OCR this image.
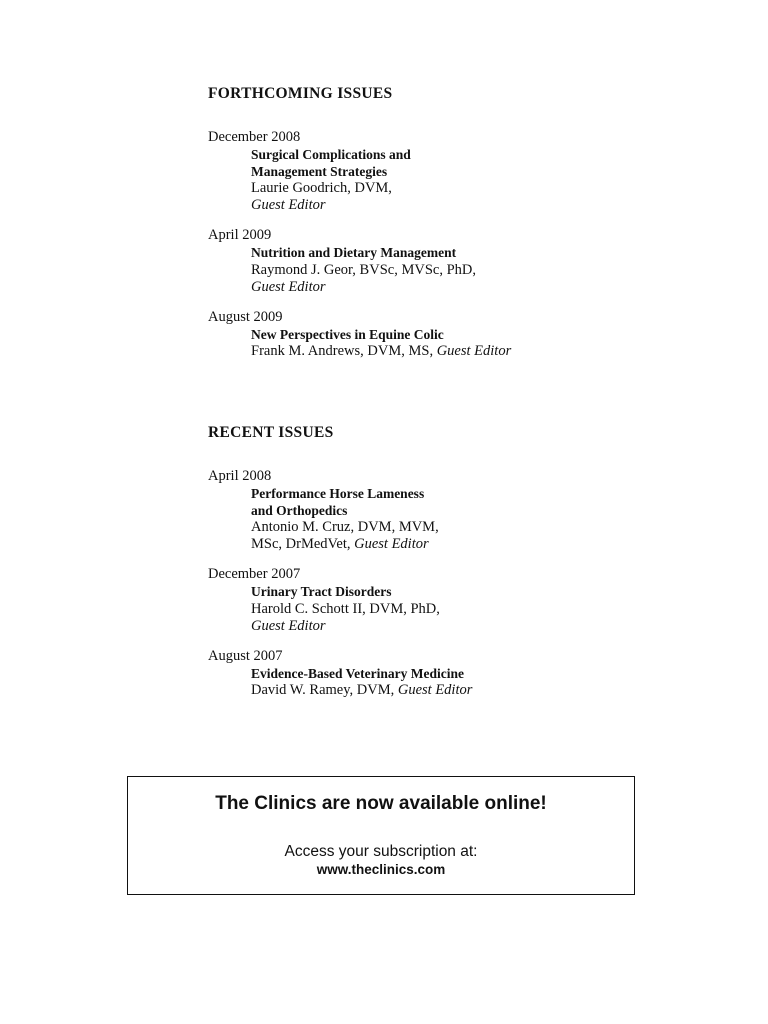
FORTHCOMING ISSUES
December 2008
Surgical Complications and
Management Strategies
Laurie Goodrich, DVM,
Guest Editor
April 2009
Nutrition and Dietary Management
Raymond J. Geor, BVSc, MVSc, PhD,
Guest Editor
August 2009
New Perspectives in Equine Colic
Frank M. Andrews, DVM, MS, Guest Editor
RECENT ISSUES
April 2008
Performance Horse Lameness
and Orthopedics
Antonio M. Cruz, DVM, MVM,
MSc, DrMedVet, Guest Editor
December 2007
Urinary Tract Disorders
Harold C. Schott II, DVM, PhD,
Guest Editor
August 2007
Evidence-Based Veterinary Medicine
David W. Ramey, DVM, Guest Editor
The Clinics are now available online!
Access your subscription at:
www.theclinics.com
